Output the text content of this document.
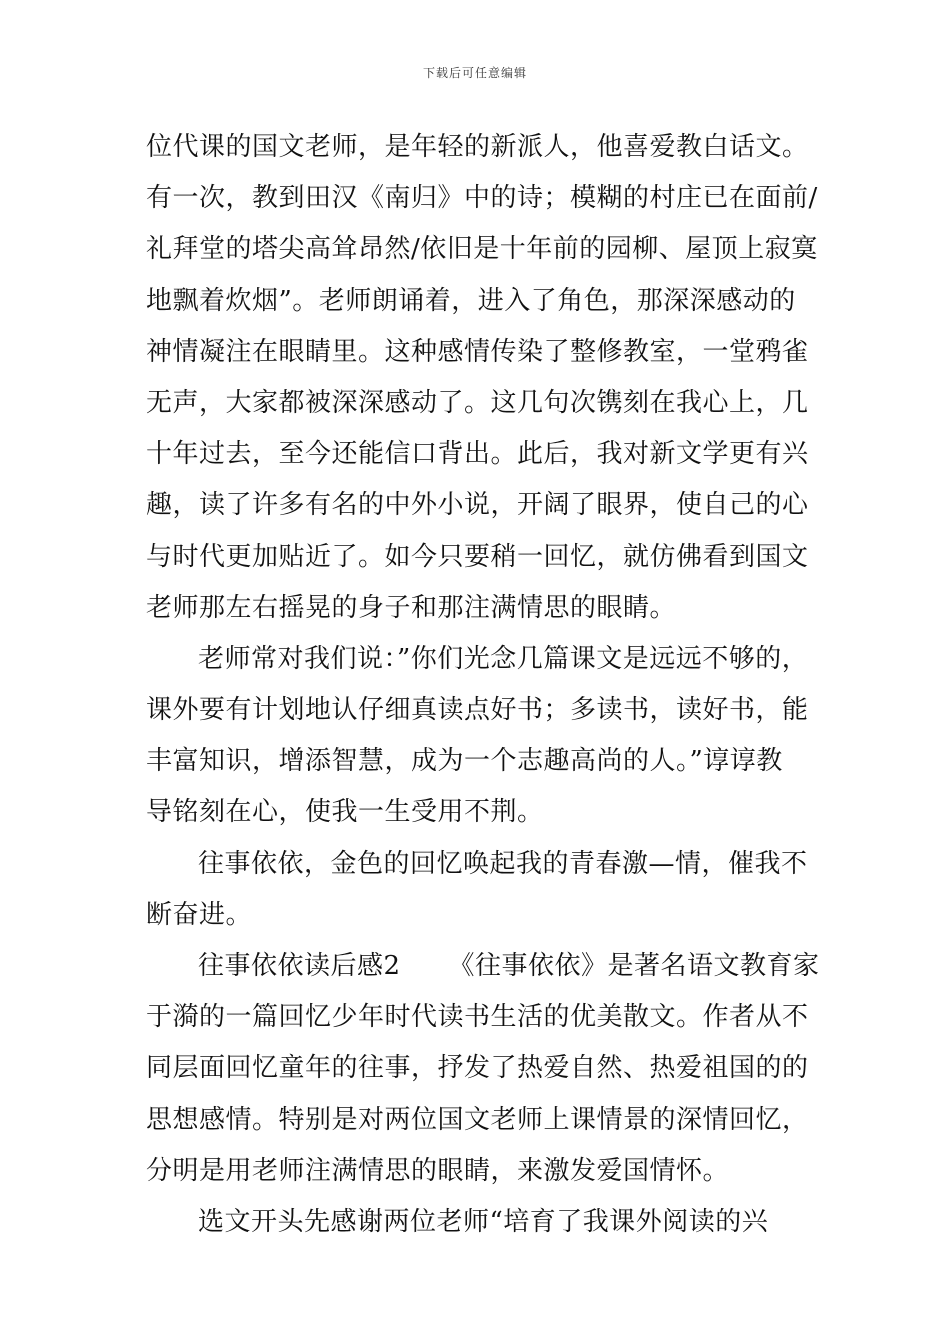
下载后可任意编辑
位代课的国文老师，是年轻的新派人，他喜爱教白话文。
有一次，教到田汉《南归》中的诗；模糊的村庄已在面前/
礼拜堂的塔尖高耸昂然/依旧是十年前的园柳、屋顶上寂寞
地飘着炊烟”。老师朗诵着，进入了角色，那深深感动的
神情凝注在眼睛里。这种感情传染了整修教室，一堂鸦雀
无声，大家都被深深感动了。这几句次镌刻在我心上，几
十年过去，至今还能信口背出。此后，我对新文学更有兴
趣，读了许多有名的中外小说，开阔了眼界，使自己的心
与时代更加贴近了。如今只要稍一回忆，就仿佛看到国文
老师那左右摇晃的身子和那注满情思的眼睛。
老师常对我们说：”你们光念几篇课文是远远不够的，
课外要有计划地认仔细真读点好书；多读书，读好书，能
丰富知识，增添智慧，成为一个志趣高尚的人。”谆谆教
导铭刻在心，使我一生受用不荆。
往事依依，金色的回忆唤起我的青春激—情，催我不
断奋进。
往事依依读后感2 《往事依依》是著名语文教育家
于漪的一篇回忆少年时代读书生活的优美散文。作者从不
同层面回忆童年的往事，抒发了热爱自然、热爱祖国的的
思想感情。特别是对两位国文老师上课情景的深情回忆，
分明是用老师注满情思的眼睛，来激发爱国情怀。
选文开头先感谢两位老师“培育了我课外阅读的兴
